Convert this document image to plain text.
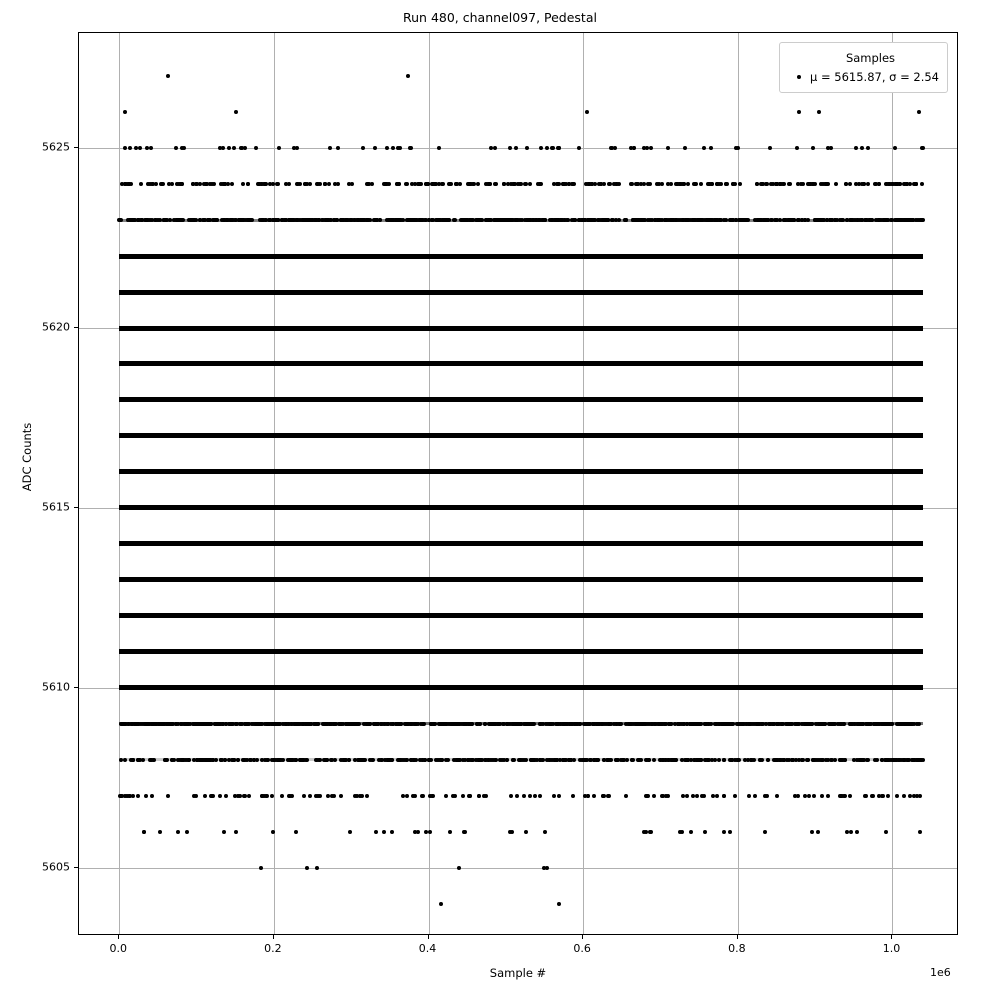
Run 480, channel097, Pedestal
Samples
μ = 5615.87, σ = 2.54
0.0	0.2	0.4	0.6	0.8	1.0
5605
5610
5615
5620
5625
Sample #	1e6
ADC Counts
